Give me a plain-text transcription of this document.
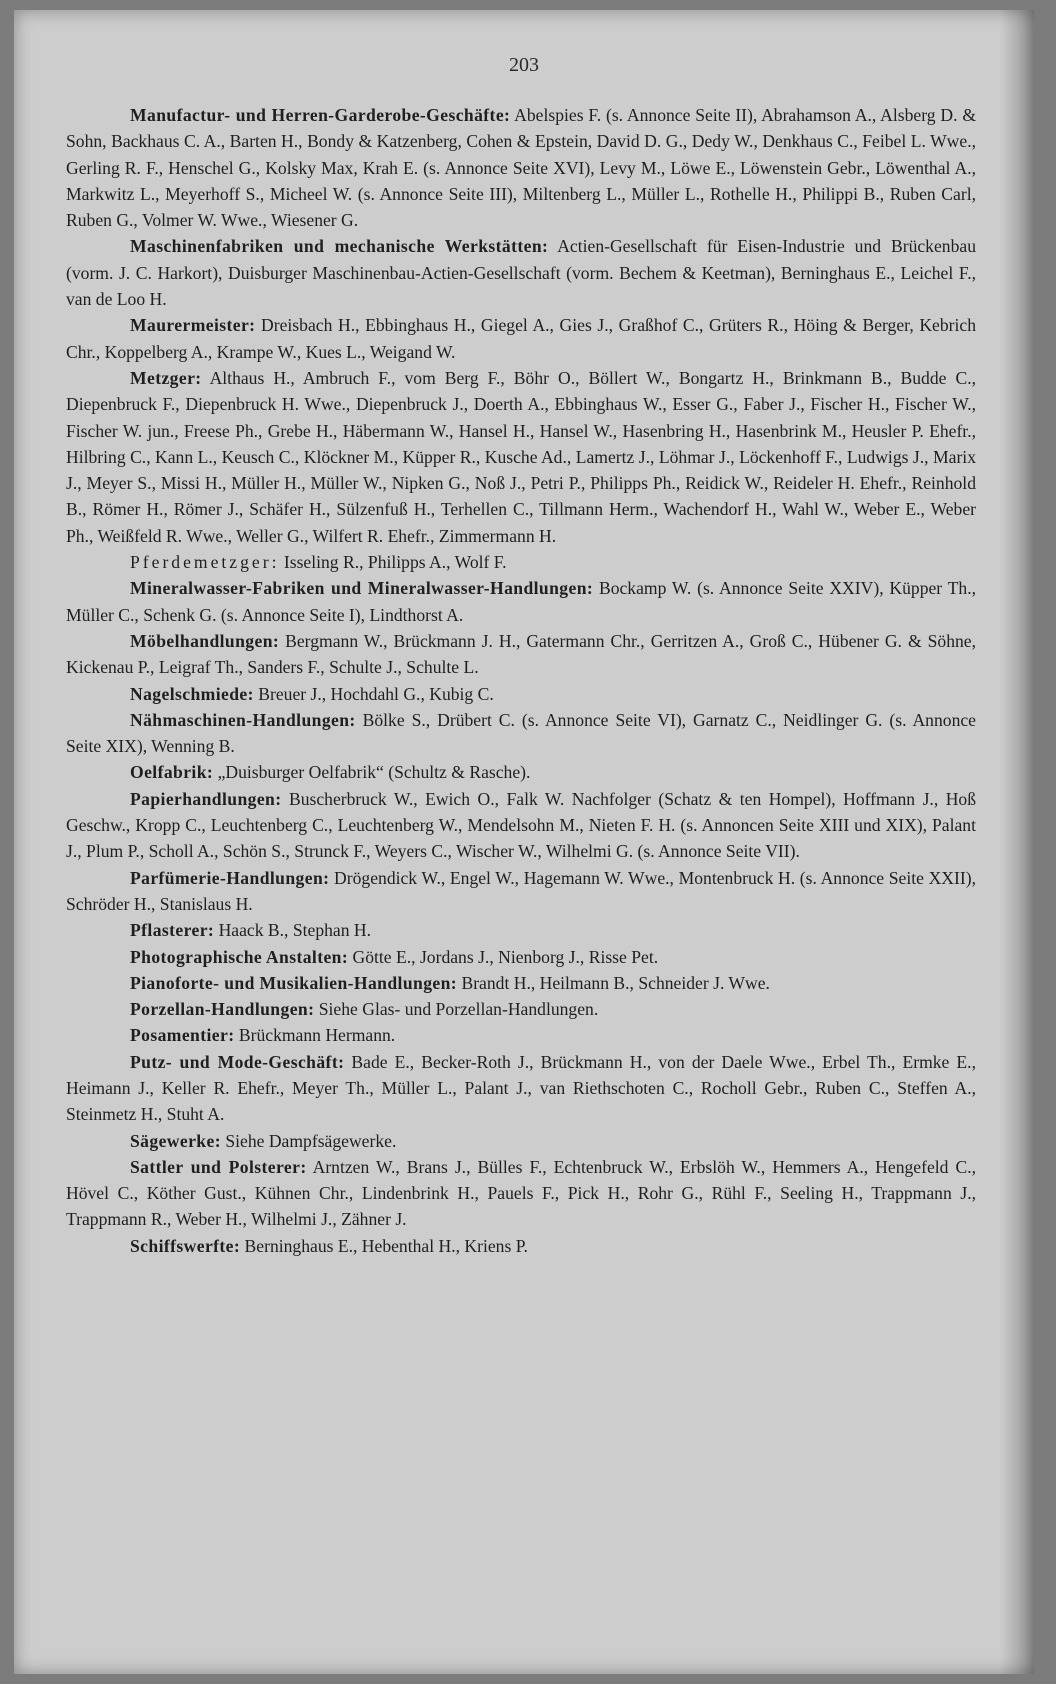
203

Manufactur- und Herren-Garderobe-Geschäfte: Abelspies F. (s. Annonce Seite II), Abrahamson A., Alsberg D. & Sohn, Backhaus C. A., Barten H., Bondy & Katzenberg, Cohen & Epstein, David D. G., Dedy W., Denkhaus C., Feibel L. Wwe., Gerling R. F., Henschel G., Kolsky Max, Krah E. (s. Annonce Seite XVI), Levy M., Löwe E., Löwenstein Gebr., Löwenthal A., Markwitz L., Meyerhoff S., Micheel W. (s. Annonce Seite III), Miltenberg L., Müller L., Rothelle H., Philippi B., Ruben Carl, Ruben G., Volmer W. Wwe., Wiesener G.

Maschinenfabriken und mechanische Werkstätten: Actien-Gesellschaft für Eisen-Industrie und Brückenbau (vorm. J. C. Harkort), Duisburger Maschinenbau-Actien-Gesellschaft (vorm. Bechem & Keetman), Berninghaus E., Leichel F., van de Loo H.

Maurermeister: Dreisbach H., Ebbinghaus H., Giegel A., Gies J., Graßhof C., Grüters R., Höing & Berger, Kebrich Chr., Koppelberg A., Krampe W., Kues L., Weigand W.

Metzger: Althaus H., Ambruch F., vom Berg F., Böhr O., Böllert W., Bongartz H., Brinkmann B., Budde C., Diepenbruck F., Diepenbruck H. Wwe., Diepenbruck J., Doerth A., Ebbinghaus W., Esser G., Faber J., Fischer H., Fischer W., Fischer W. jun., Freese Ph., Grebe H., Häbermann W., Hansel H., Hansel W., Hasenbring H., Hasenbrink M., Heusler P. Ehefr., Hilbring C., Kann L., Keusch C., Klöckner M., Küpper R., Kusche Ad., Lamertz J., Löhmar J., Löckenhoff F., Ludwigs J., Marix J., Meyer S., Missi H., Müller H., Müller W., Nipken G., Noß J., Petri P., Philipps Ph., Reidick W., Reideler H. Ehefr., Reinhold B., Römer H., Römer J., Schäfer H., Sülzenfuß H., Terhellen C., Tillmann Herm., Wachendorf H., Wahl W., Weber E., Weber Ph., Weißfeld R. Wwe., Weller G., Wilfert R. Ehefr., Zimmermann H.

Pferdemetzger: Isseling R., Philipps A., Wolf F.

Mineralwasser-Fabriken und Mineralwasser-Handlungen: Bockamp W. (s. Annonce Seite XXIV), Küpper Th., Müller C., Schenk G. (s. Annonce Seite I), Lindthorst A.

Möbelhandlungen: Bergmann W., Brückmann J. H., Gatermann Chr., Gerritzen A., Groß C., Hübener G. & Söhne, Kickenau P., Leigraf Th., Sanders F., Schulte J., Schulte L.

Nagelschmiede: Breuer J., Hochdahl G., Kubig C.

Nähmaschinen-Handlungen: Bölke S., Drübert C. (s. Annonce Seite VI), Garnatz C., Neidlinger G. (s. Annonce Seite XIX), Wenning B.

Oelfabrik: „Duisburger Oelfabrik“ (Schultz & Rasche).

Papierhandlungen: Buscherbruck W., Ewich O., Falk W. Nachfolger (Schatz & ten Hompel), Hoffmann J., Hoß Geschw., Kropp C., Leuchtenberg C., Leuchtenberg W., Mendelsohn M., Nieten F. H. (s. Annoncen Seite XIII und XIX), Palant J., Plum P., Scholl A., Schön S., Strunck F., Weyers C., Wischer W., Wilhelmi G. (s. Annonce Seite VII).

Parfümerie-Handlungen: Drögendick W., Engel W., Hagemann W. Wwe., Montenbruck H. (s. Annonce Seite XXII), Schröder H., Stanislaus H.

Pflasterer: Haack B., Stephan H.

Photographische Anstalten: Götte E., Jordans J., Nienborg J., Risse Pet.

Pianoforte- und Musikalien-Handlungen: Brandt H., Heilmann B., Schneider J. Wwe.

Porzellan-Handlungen: Siehe Glas- und Porzellan-Handlungen.

Posamentier: Brückmann Hermann.

Putz- und Mode-Geschäft: Bade E., Becker-Roth J., Brückmann H., von der Daele Wwe., Erbel Th., Ermke E., Heimann J., Keller R. Ehefr., Meyer Th., Müller L., Palant J., van Riethschoten C., Rocholl Gebr., Ruben C., Steffen A., Steinmetz H., Stuht A.

Sägewerke: Siehe Dampfsägewerke.

Sattler und Polsterer: Arntzen W., Brans J., Bülles F., Echtenbruck W., Erbslöh W., Hemmers A., Hengefeld C., Hövel C., Köther Gust., Kühnen Chr., Lindenbrink H., Pauels F., Pick H., Rohr G., Rühl F., Seeling H., Trappmann J., Trappmann R., Weber H., Wilhelmi J., Zähner J.

Schiffswerfte: Berninghaus E., Hebenthal H., Kriens P.
